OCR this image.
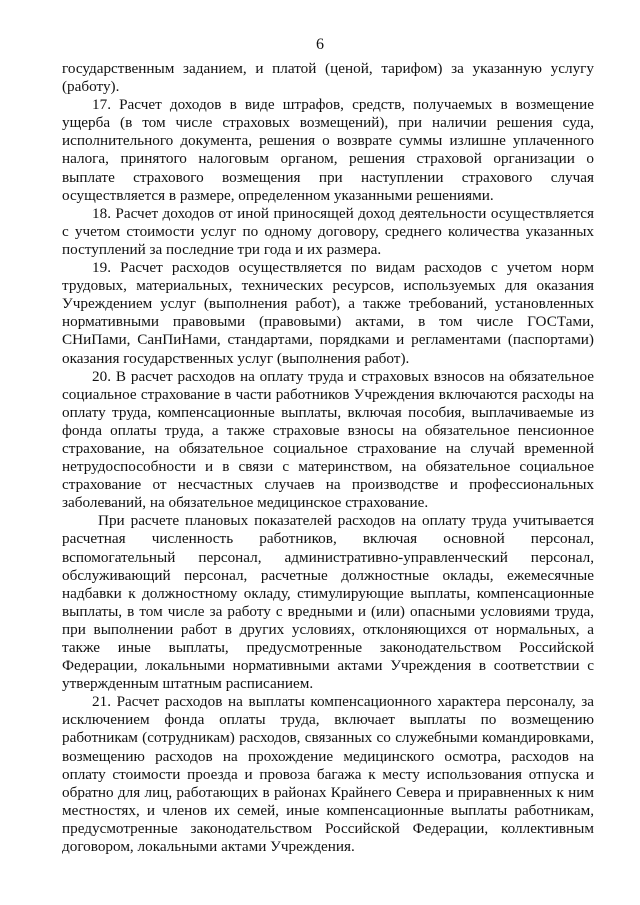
6

государственным заданием, и платой (ценой, тарифом) за указанную услугу (работу).

17. Расчет доходов в виде штрафов, средств, получаемых в возмещение ущерба (в том числе страховых возмещений), при наличии решения суда, исполнительного документа, решения о возврате суммы излишне уплаченного налога, принятого налоговым органом, решения страховой организации о выплате страхового возмещения при наступлении страхового случая осуществляется в размере, определенном указанными решениями.

18. Расчет доходов от иной приносящей доход деятельности осуществляется с учетом стоимости услуг по одному договору, среднего количества указанных поступлений за последние три года и их размера.

19. Расчет расходов осуществляется по видам расходов с учетом норм трудовых, материальных, технических ресурсов, используемых для оказания Учреждением услуг (выполнения работ), а также требований, установленных нормативными правовыми (правовыми) актами, в том числе ГОСТами, СНиПами, СанПиНами, стандартами, порядками и регламентами (паспортами) оказания государственных услуг (выполнения работ).

20. В расчет расходов на оплату труда и страховых взносов на обязательное социальное страхование в части работников Учреждения включаются расходы на оплату труда, компенсационные выплаты, включая пособия, выплачиваемые из фонда оплаты труда, а также страховые взносы на обязательное пенсионное страхование, на обязательное социальное страхование на случай временной нетрудоспособности и в связи с материнством, на обязательное социальное страхование от несчастных случаев на производстве и профессиональных заболеваний, на обязательное медицинское страхование.

При расчете плановых показателей расходов на оплату труда учитывается расчетная численность работников, включая основной персонал, вспомогательный персонал, административно-управленческий персонал, обслуживающий персонал, расчетные должностные оклады, ежемесячные надбавки к должностному окладу, стимулирующие выплаты, компенсационные выплаты, в том числе за работу с вредными и (или) опасными условиями труда, при выполнении работ в других условиях, отклоняющихся от нормальных, а также иные выплаты, предусмотренные законодательством Российской Федерации, локальными нормативными актами Учреждения в соответствии с утвержденным штатным расписанием.

21. Расчет расходов на выплаты компенсационного характера персоналу, за исключением фонда оплаты труда, включает выплаты по возмещению работникам (сотрудникам) расходов, связанных со служебными командировками, возмещению расходов на прохождение медицинского осмотра, расходов на оплату стоимости проезда и провоза багажа к месту использования отпуска и обратно для лиц, работающих в районах Крайнего Севера и приравненных к ним местностях, и членов их семей, иные компенсационные выплаты работникам, предусмотренные законодательством Российской Федерации, коллективным договором, локальными актами Учреждения.
